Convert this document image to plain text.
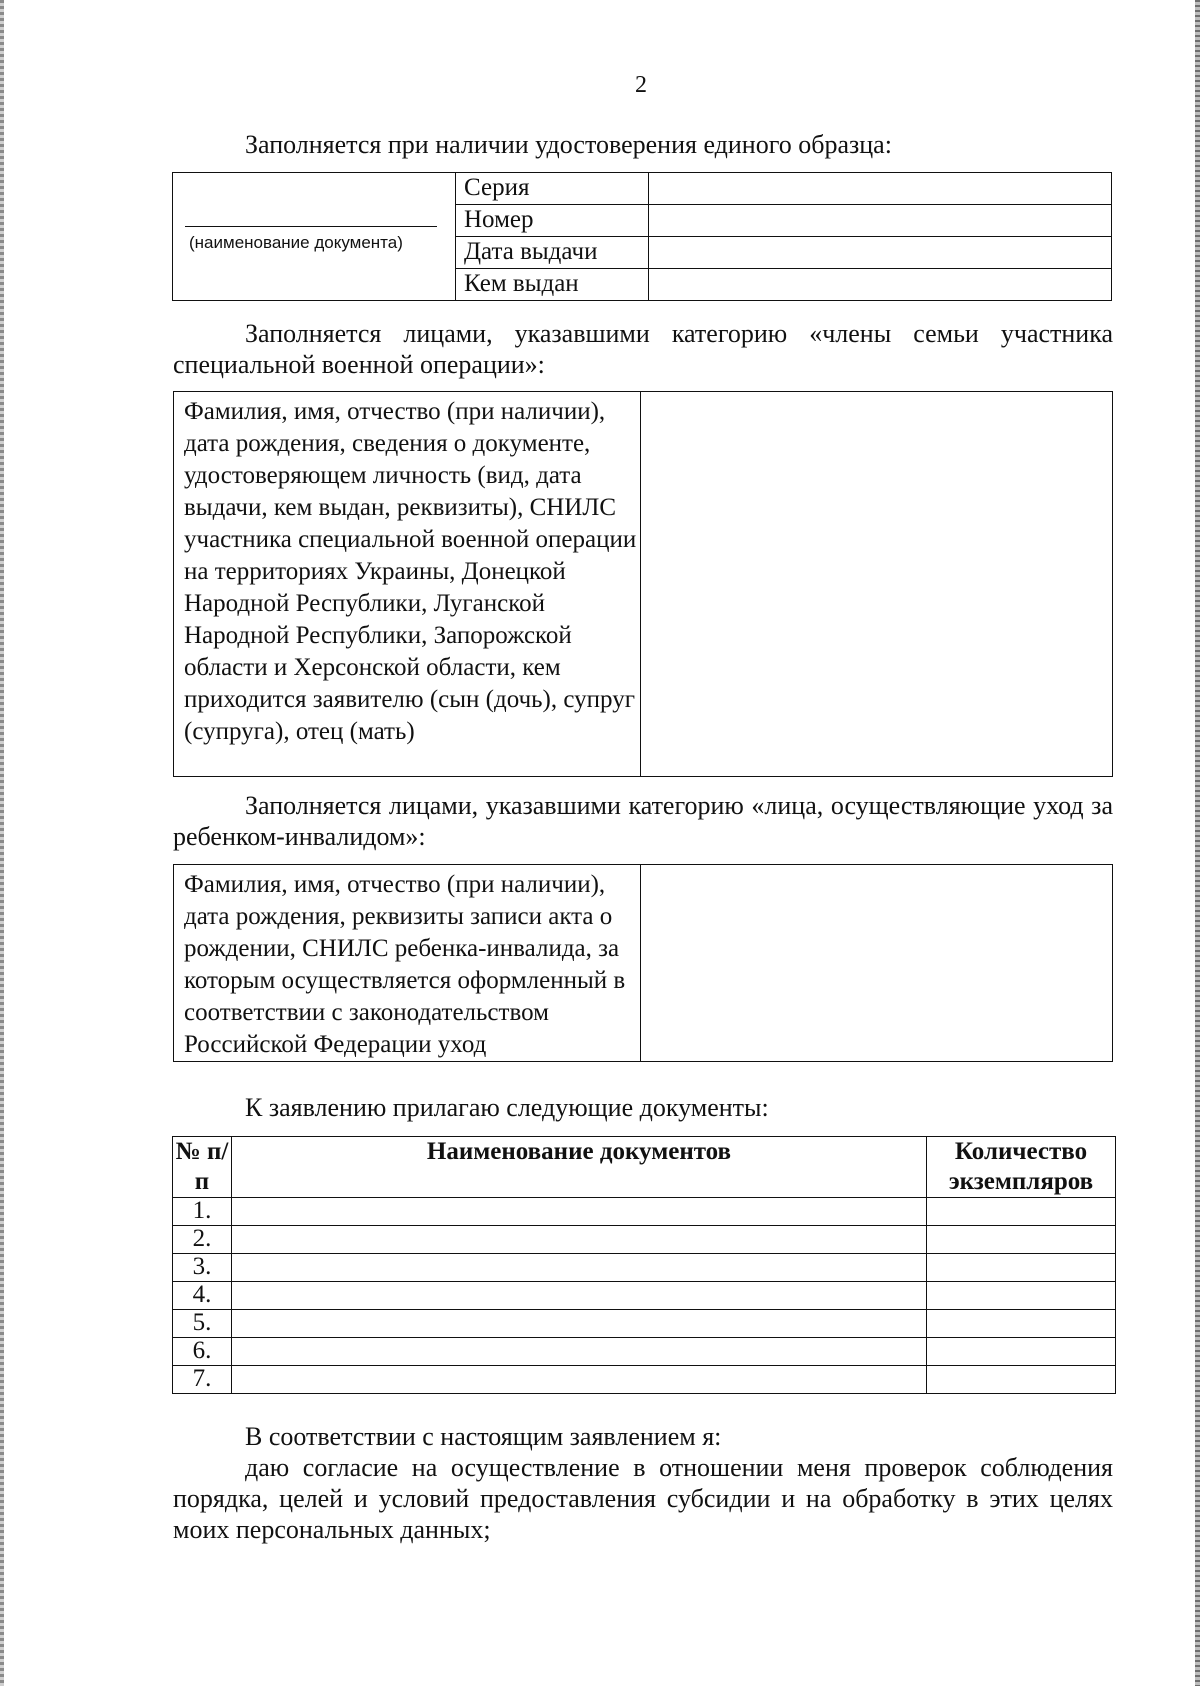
2
Заполняется при наличии удостоверения единого образца:
(наименование документа)	Серия	
	Номер	
	Дата выдачи	
	Кем выдан	
Заполняется лицами, указавшими категорию «члены семьи участника специальной военной операции»:
Фамилия, имя, отчество (при наличии), дата рождения, сведения о документе, удостоверяющем личность (вид, дата выдачи, кем выдан, реквизиты), СНИЛС участника специальной военной операции на территориях Украины, Донецкой Народной Республики, Луганской Народной Республики, Запорожской области и Херсонской области, кем приходится заявителю (сын (дочь), супруг (супруга), отец (мать)	
Заполняется лицами, указавшими категорию «лица, осуществляющие уход за ребенком-инвалидом»:
Фамилия, имя, отчество (при наличии), дата рождения, реквизиты записи акта о рождении, СНИЛС ребенка-инвалида, за которым осуществляется оформленный в соответствии с законодательством Российской Федерации уход	
К заявлению прилагаю следующие документы:
№ п/п	Наименование документов	Количество экземпляров
1.		
2.		
3.		
4.		
5.		
6.		
7.		
В соответствии с настоящим заявлением я:
даю согласие на осуществление в отношении меня проверок соблюдения порядка, целей и условий предоставления субсидии и на обработку в этих целях моих персональных данных;
